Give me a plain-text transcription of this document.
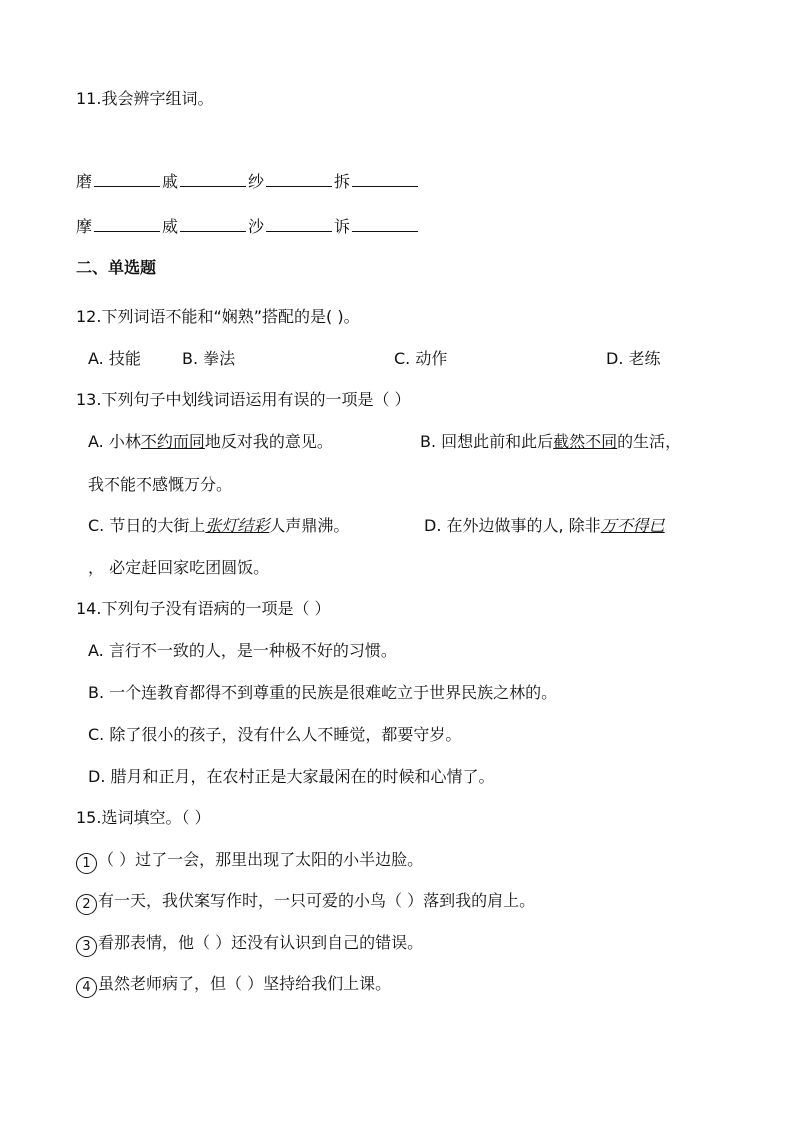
11.我会辨字组词。
磨	戚	纱	拆
摩	威	沙	诉
二、单选题
12.下列词语不能和“娴熟”搭配的是( )。
A. 技能	B. 拳法	C. 动作	D. 老练
13.下列句子中划线词语运用有误的一项是（ ）
A. 小林不约而同地反对我的意见。	B. 回想此前和此后截然不同的生活，
我不能不感慨万分。
C. 节日的大街上张灯结彩人声鼎沸。	D. 在外边做事的人, 除非万不得已
， 必定赶回家吃团圆饭。
14.下列句子没有语病的一项是（ ）
A. 言行不一致的人，是一种极不好的习惯。
B. 一个连教育都得不到尊重的民族是很难屹立于世界民族之林的。
C. 除了很小的孩子，没有什么人不睡觉，都要守岁。
D. 腊月和正月，在农村正是大家最闲在的时候和心情了。
15.选词填空。（ ）
1 （ ）过了一会，那里出现了太阳的小半边脸。
2 有一天，我伏案写作时，一只可爱的小鸟（ ）落到我的肩上。
3 看那表情，他（ ）还没有认识到自己的错误。
4 虽然老师病了，但（ ）坚持给我们上课。
